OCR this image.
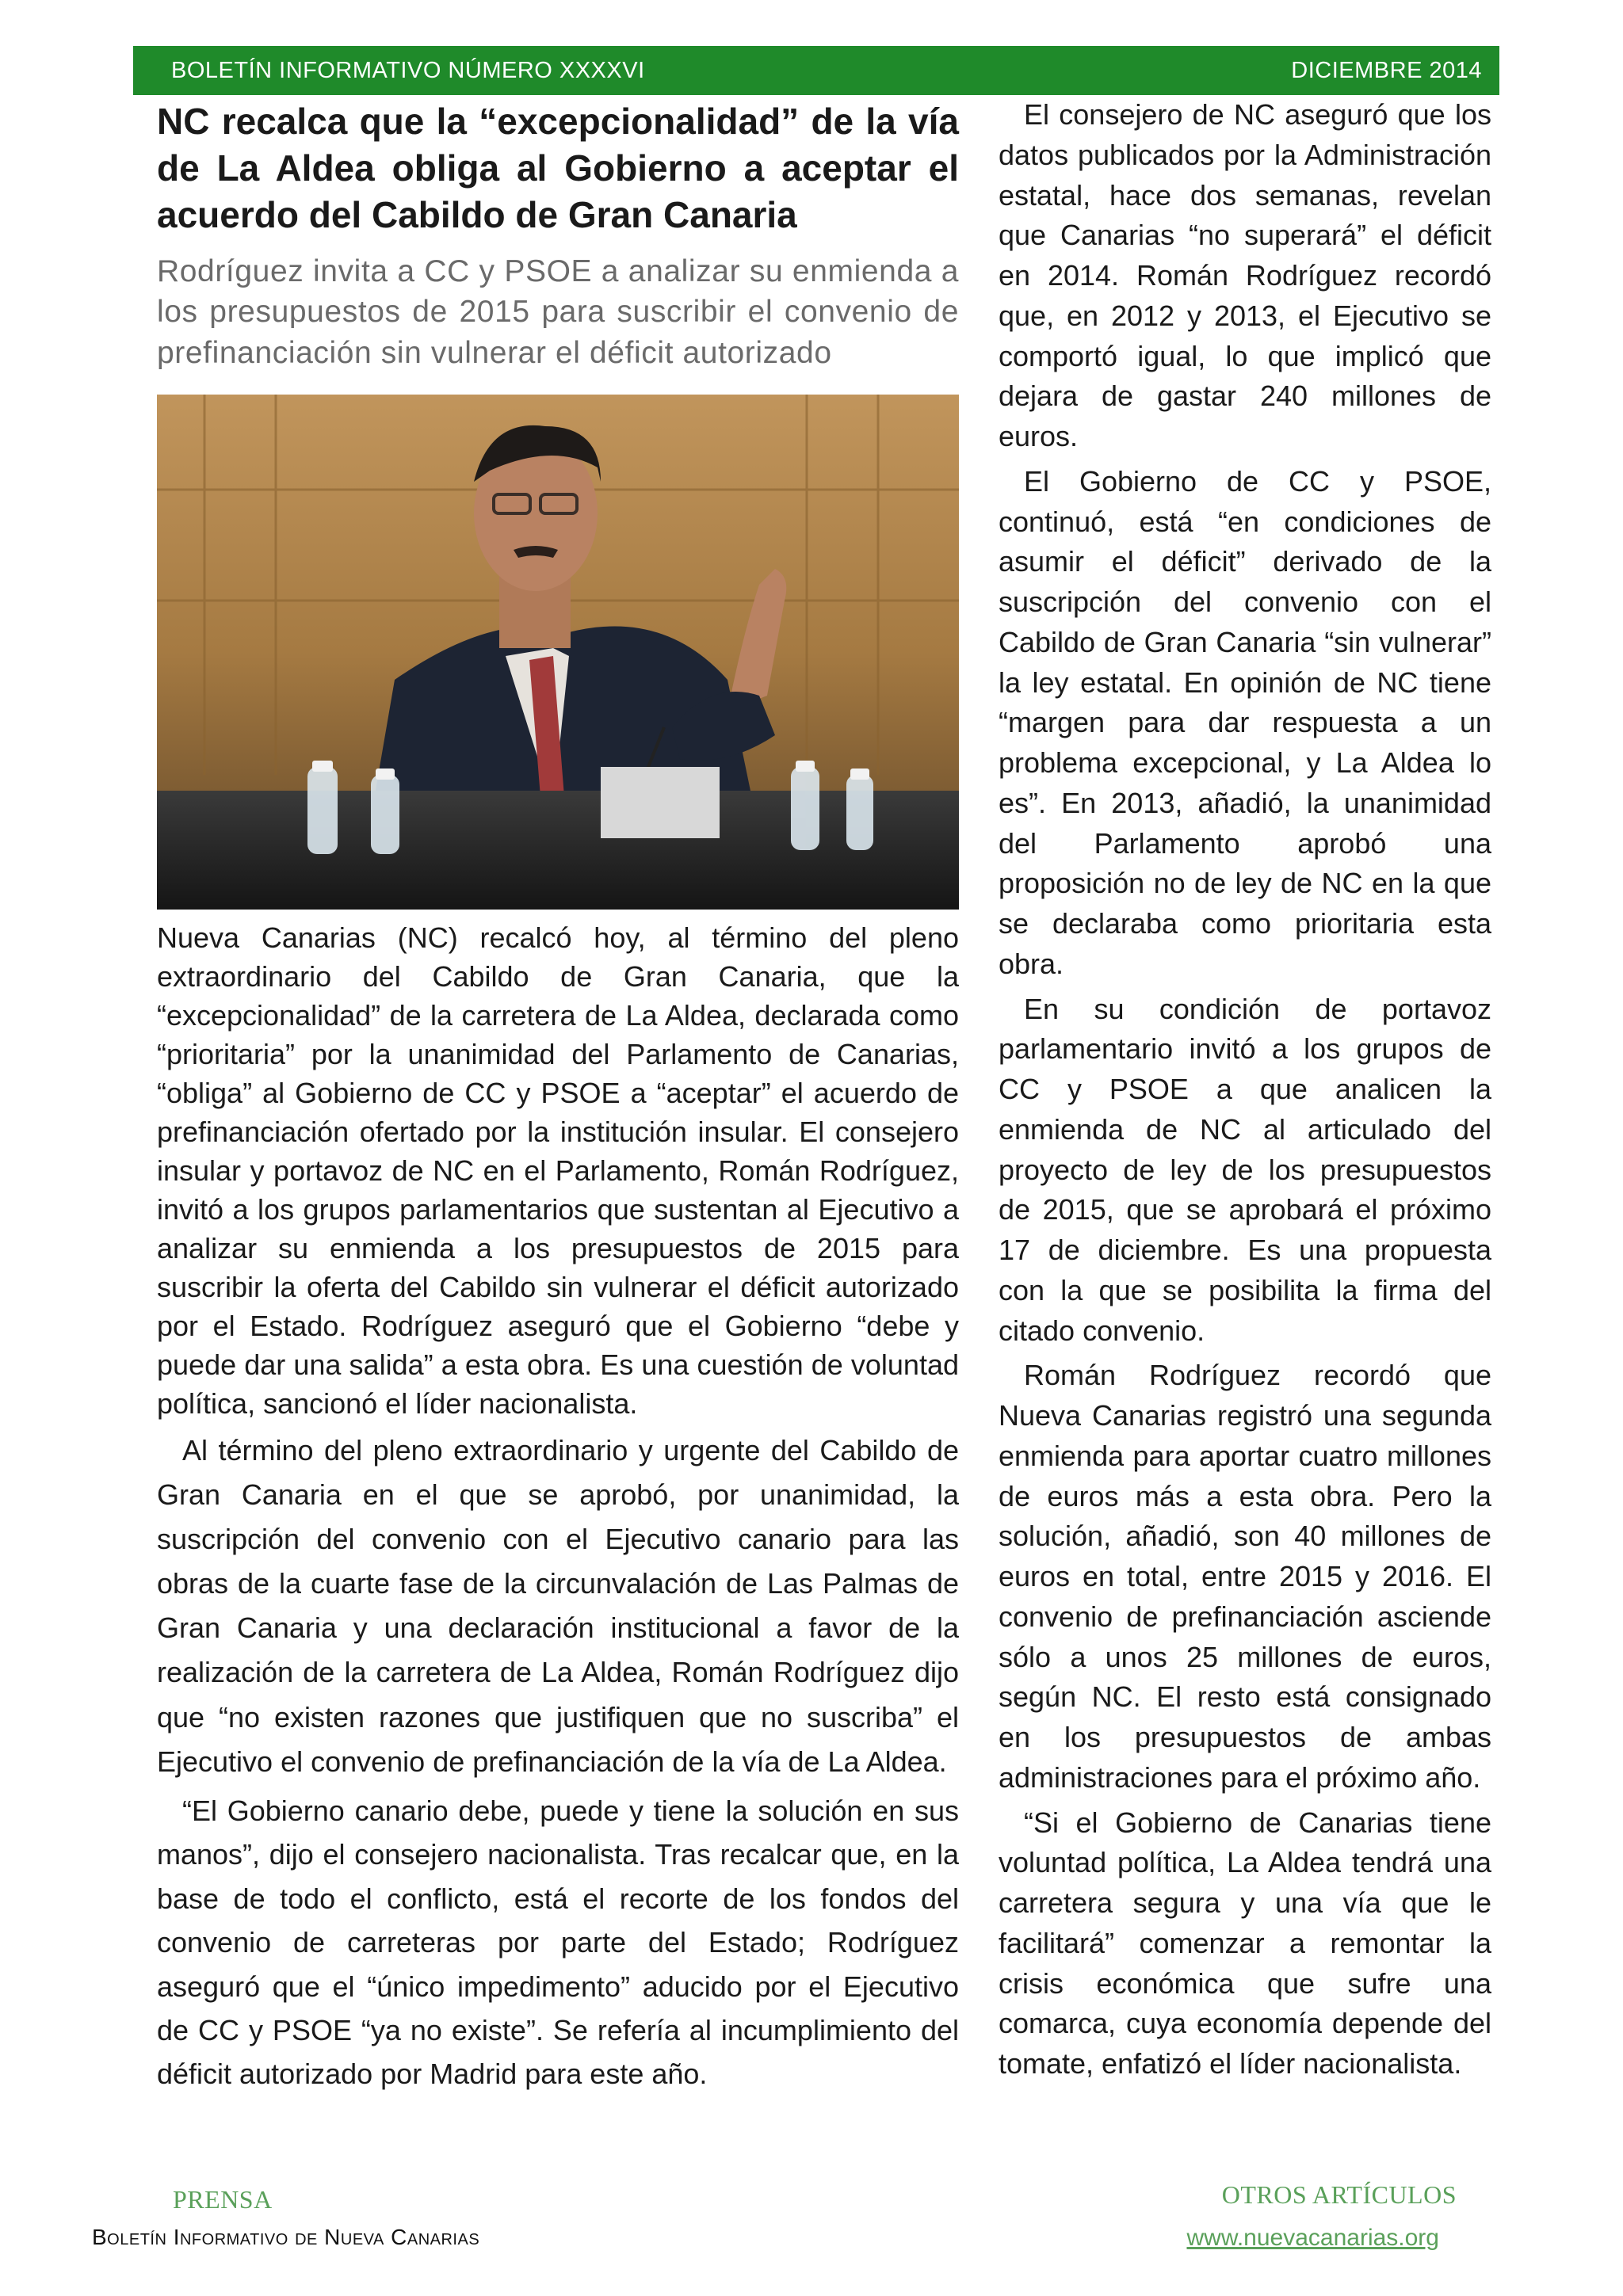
BOLETÍN INFORMATIVO NÚMERO XXXXVI	DICIEMBRE 2014
NC recalca que la “excepcionalidad” de la vía de La Aldea obliga al Gobierno a aceptar el acuerdo del Cabildo de Gran Canaria

Rodríguez invita a CC y PSOE a analizar su enmienda a los presupuestos de 2015 para suscribir el convenio de prefinanciación sin vulnerar el déficit autorizado

Nueva Canarias (NC) recalcó hoy, al término del pleno extraordinario del Cabildo de Gran Canaria, que la “excepcionalidad” de la carretera de La Aldea, declarada como “prioritaria” por la unanimidad del Parlamento de Canarias, “obliga” al Gobierno de CC y PSOE a “aceptar” el acuerdo de prefinanciación ofertado por la institución insular. El consejero insular y portavoz de NC en el Parlamento, Román Rodríguez, invitó a los grupos parlamentarios que sustentan al Ejecutivo a analizar su enmienda a los presupuestos de 2015 para suscribir la oferta del Cabildo sin vulnerar el déficit autorizado por el Estado. Rodríguez aseguró que el Gobierno “debe y puede dar una salida” a esta obra. Es una cuestión de voluntad política, sancionó el líder nacionalista.

Al término del pleno extraordinario y urgente del Cabildo de Gran Canaria en el que se aprobó, por unanimidad, la suscripción del convenio con el Ejecutivo canario para las obras de la cuarte fase de la circunvalación de Las Palmas de Gran Canaria y una declaración institucional a favor de la realización de la carretera de La Aldea, Román Rodríguez dijo que “no existen razones que justifiquen que no suscriba” el Ejecutivo el convenio de prefinanciación de la vía de La Aldea.

“El Gobierno canario debe, puede y tiene la solución en sus manos”, dijo el consejero nacionalista. Tras recalcar que, en la base de todo el conflicto, está el recorte de los fondos del convenio de carreteras por parte del Estado; Rodríguez aseguró que el “único impedimento” aducido por el Ejecutivo de CC y PSOE “ya no existe”. Se refería al incumplimiento del déficit autorizado por Madrid para este año.

El consejero de NC aseguró que los datos publicados por la Administración estatal, hace dos semanas, revelan que Canarias “no superará” el déficit en 2014. Román Rodríguez recordó que, en 2012 y 2013, el Ejecutivo se comportó igual, lo que implicó que dejara de gastar 240 millones de euros.

El Gobierno de CC y PSOE, continuó, está “en condiciones de asumir el déficit” derivado de la suscripción del convenio con el Cabildo de Gran Canaria “sin vulnerar” la ley estatal. En opinión de NC tiene “margen para dar respuesta a un problema excepcional, y La Aldea lo es”. En 2013, añadió, la unanimidad del Parlamento aprobó una proposición no de ley de NC en la que se declaraba como prioritaria esta obra.

En su condición de portavoz parlamentario invitó a los grupos de CC y PSOE a que analicen la enmienda de NC al articulado del proyecto de ley de los presupuestos de 2015, que se aprobará el próximo 17 de diciembre. Es una propuesta con la que se posibilita la firma del citado convenio.

Román Rodríguez recordó que Nueva Canarias registró una segunda enmienda para aportar cuatro millones de euros más a esta obra. Pero la solución, añadió, son 40 millones de euros en total, entre 2015 y 2016. El convenio de prefinanciación asciende sólo a unos 25 millones de euros, según NC. El resto está consignado en los presupuestos de ambas administraciones para el próximo año.

“Si el Gobierno de Canarias tiene voluntad política, La Aldea tendrá una carretera segura y una vía que le facilitará” comenzar a remontar la crisis económica que sufre una comarca, cuya economía depende del tomate, enfatizó el líder nacionalista.

PRENSA	OTROS ARTÍCULOS
Boletín Informativo de Nueva Canarias	www.nuevacanarias.org
